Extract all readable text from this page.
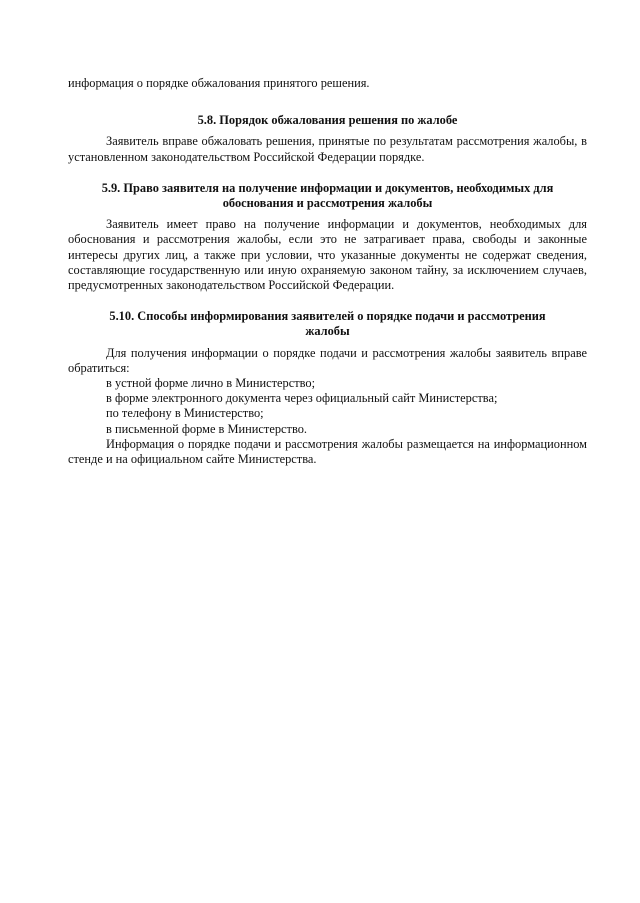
информация о порядке обжалования принятого решения.

5.8. Порядок обжалования решения по жалобе

Заявитель вправе обжаловать решения, принятые по результатам рассмотрения жалобы, в установленном законодательством Российской Федерации порядке.

5.9. Право заявителя на получение информации и документов, необходимых для

обоснования и рассмотрения жалобы

Заявитель имеет право на получение информации и документов, необходимых для обоснования и рассмотрения жалобы, если это не затрагивает права, свободы и законные интересы других лиц, а также при условии, что указанные документы не содержат сведения, составляющие государственную или иную охраняемую законом тайну, за исключением случаев, предусмотренных законодательством Российской Федерации.

5.10. Способы информирования заявителей о порядке подачи и рассмотрения

жалобы

Для получения информации о порядке подачи и рассмотрения жалобы заявитель вправе обратиться:

в устной форме лично в Министерство;

в форме электронного документа через официальный сайт Министерства;

по телефону в Министерство;

в письменной форме в Министерство.

Информация о порядке подачи и рассмотрения жалобы размещается на информационном стенде и на официальном сайте Министерства.
